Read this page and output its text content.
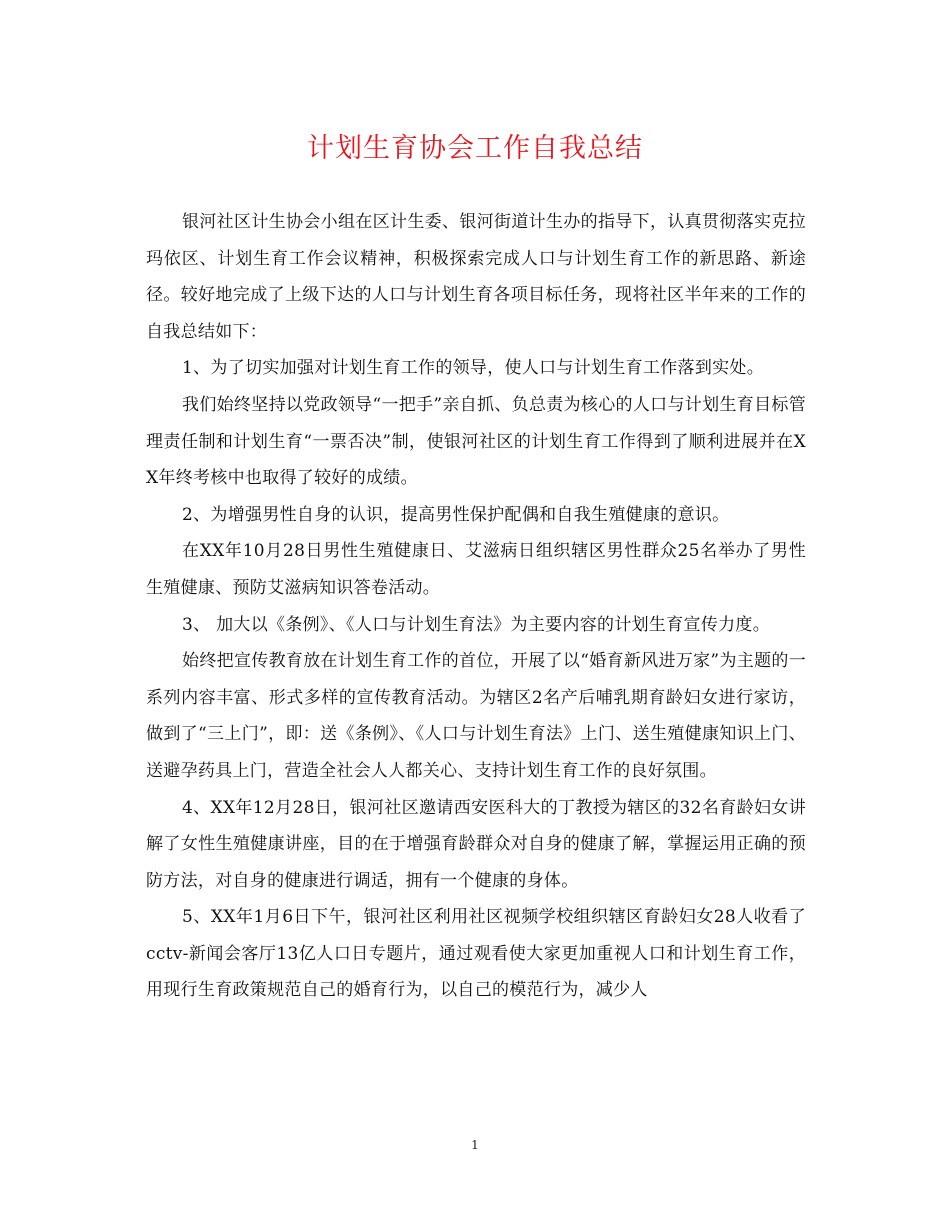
计划生育协会工作自我总结

银河社区计生协会小组在区计生委、银河街道计生办的指导下，认真贯彻落实克拉玛依区、计划生育工作会议精神，积极探索完成人口与计划生育工作的新思路、新途径。较好地完成了上级下达的人口与计划生育各项目标任务，现将社区半年来的工作的自我总结如下：

1、为了切实加强对计划生育工作的领导，使人口与计划生育工作落到实处。

我们始终坚持以党政领导“一把手”亲自抓、负总责为核心的人口与计划生育目标管理责任制和计划生育“一票否决”制，使银河社区的计划生育工作得到了顺利进展并在XX年终考核中也取得了较好的成绩。

2、为增强男性自身的认识，提高男性保护配偶和自我生殖健康的意识。

在XX年10月28日男性生殖健康日、艾滋病日组织辖区男性群众25名举办了男性生殖健康、预防艾滋病知识答卷活动。

3、 加大以《条例》、《人口与计划生育法》为主要内容的计划生育宣传力度。

始终把宣传教育放在计划生育工作的首位，开展了以“婚育新风进万家”为主题的一系列内容丰富、形式多样的宣传教育活动。为辖区2名产后哺乳期育龄妇女进行家访，做到了“三上门”，即：送《条例》、《人口与计划生育法》上门、送生殖健康知识上门、送避孕药具上门，营造全社会人人都关心、支持计划生育工作的良好氛围。

4、XX年12月28日，银河社区邀请西安医科大的丁教授为辖区的32名育龄妇女讲解了女性生殖健康讲座，目的在于增强育龄群众对自身的健康了解，掌握运用正确的预防方法，对自身的健康进行调适，拥有一个健康的身体。

5、XX年1月6日下午，银河社区利用社区视频学校组织辖区育龄妇女28人收看了cctv-新闻会客厅13亿人口日专题片，通过观看使大家更加重视人口和计划生育工作，用现行生育政策规范自己的婚育行为，以自己的模范行为，减少人

1
